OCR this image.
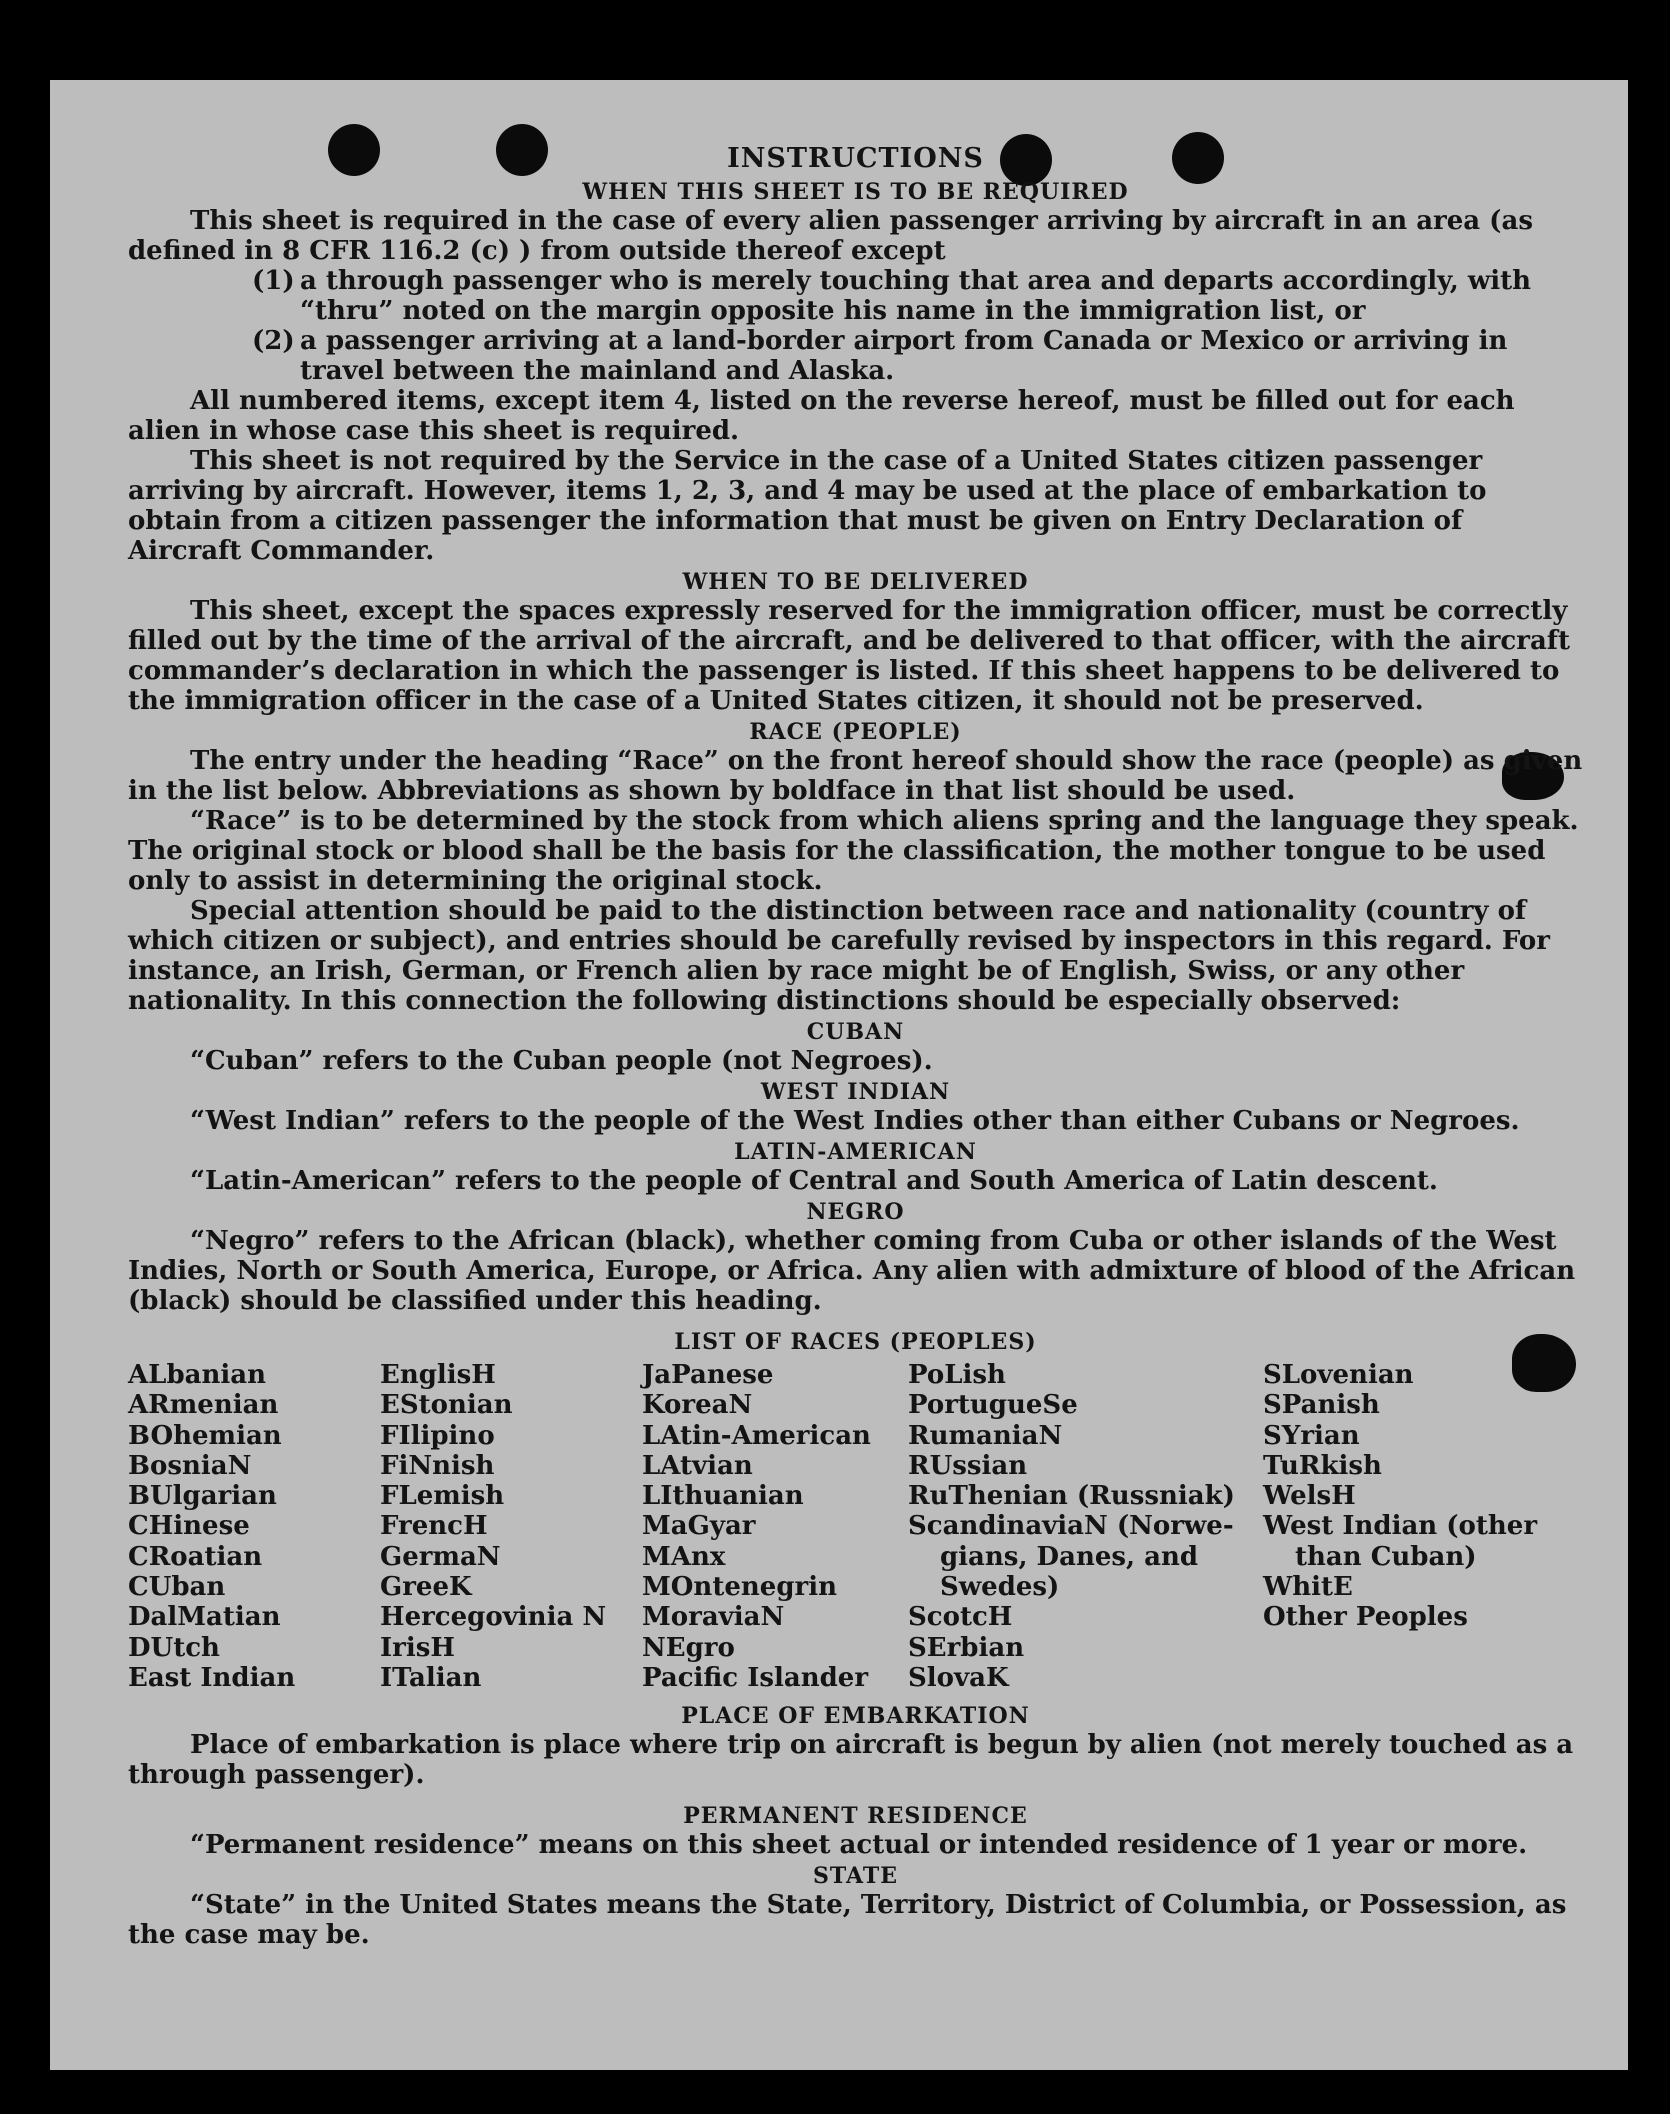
INSTRUCTIONS
WHEN THIS SHEET IS TO BE REQUIRED

This sheet is required in the case of every alien passenger arriving by aircraft in an area (as defined in 8 CFR 116.2 (c) ) from outside thereof except

(1) a through passenger who is merely touching that area and departs accordingly, with “thru” noted on the margin opposite his name in the immigration list, or
(2) a passenger arriving at a land-border airport from Canada or Mexico or arriving in travel between the mainland and Alaska.

All numbered items, except item 4, listed on the reverse hereof, must be filled out for each alien in whose case this sheet is required.

This sheet is not required by the Service in the case of a United States citizen passenger arriving by aircraft. However, items 1, 2, 3, and 4 may be used at the place of embarkation to obtain from a citizen passenger the information that must be given on Entry Declaration of Aircraft Commander.

WHEN TO BE DELIVERED

This sheet, except the spaces expressly reserved for the immigration officer, must be correctly filled out by the time of the arrival of the aircraft, and be delivered to that officer, with the aircraft commander’s declaration in which the passenger is listed. If this sheet happens to be delivered to the immigration officer in the case of a United States citizen, it should not be preserved.

RACE (PEOPLE)

The entry under the heading “Race” on the front hereof should show the race (people) as given in the list below. Abbreviations as shown by boldface in that list should be used.

“Race” is to be determined by the stock from which aliens spring and the language they speak. The original stock or blood shall be the basis for the classification, the mother tongue to be used only to assist in determining the original stock.

Special attention should be paid to the distinction between race and nationality (country of which citizen or subject), and entries should be carefully revised by inspectors in this regard. For instance, an Irish, German, or French alien by race might be of English, Swiss, or any other nationality. In this connection the following distinctions should be especially observed:

CUBAN

“Cuban” refers to the Cuban people (not Negroes).

WEST INDIAN

“West Indian” refers to the people of the West Indies other than either Cubans or Negroes.

LATIN-AMERICAN

“Latin-American” refers to the people of Central and South America of Latin descent.

NEGRO

“Negro” refers to the African (black), whether coming from Cuba or other islands of the West Indies, North or South America, Europe, or Africa. Any alien with admixture of blood of the African (black) should be classified under this heading.

LIST OF RACES (PEOPLES)
ALbanian
ARmenian
BOhemian
BosniaN
BUlgarian
CHinese
CRoatian
CUban
DalMatian
DUtch
East Indian
EnglisH
EStonian
FIlipino
FiNnish
FLemish
FrencH
GermaN
GreeK
Hercegovinia N
IrisH
ITalian
JaPanese
KoreaN
LAtin-American
LAtvian
LIthuanian
MaGyar
MAnx
MOntenegrin
MoraviaN
NEgro
Pacific Islander
PoLish
PortugueSe
RumaniaN
RUssian
RuThenian (Russniak)
ScandinaviaN (Norwe-
gians, Danes, and
Swedes)
ScotcH
SErbian
SlovaK
SLovenian
SPanish
SYrian
TuRkish
WelsH
West Indian (other
than Cuban)
WhitE
Other Peoples
PLACE OF EMBARKATION

Place of embarkation is place where trip on aircraft is begun by alien (not merely touched as a through passenger).

PERMANENT RESIDENCE

“Permanent residence” means on this sheet actual or intended residence of 1 year or more.

STATE

“State” in the United States means the State, Territory, District of Columbia, or Possession, as the case may be.
